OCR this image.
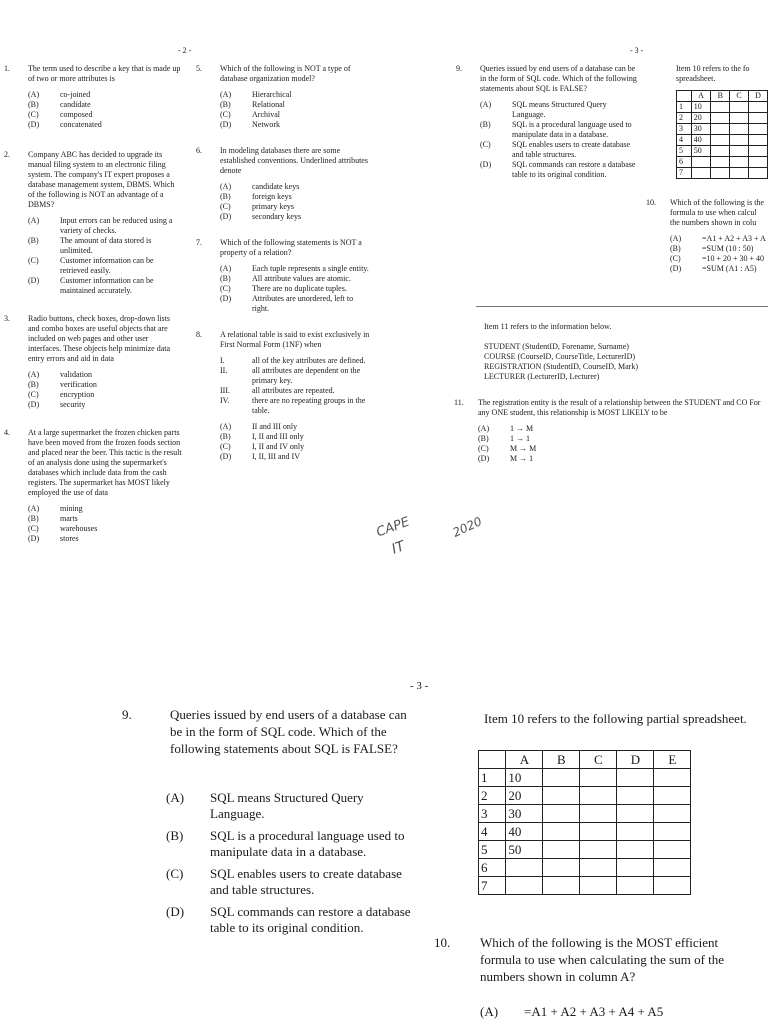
- 2 -
1. The term used to describe a key that is made up of two or more attributes is
(A)	co-joined
(B)	candidate
(C)	composed
(D)	concatenated
2. Company ABC has decided to upgrade its manual filing system to an electronic filing system. The company's IT expert proposes a database management system, DBMS. Which of the following is NOT an advantage of a DBMS?
(A)	Input errors can be reduced using a variety of checks.
(B)	The amount of data stored is unlimited.
(C)	Customer information can be retrieved easily.
(D)	Customer information can be maintained accurately.
3. Radio buttons, check boxes, drop-down lists and combo boxes are useful objects that are included on web pages and other user interfaces. These objects help minimize data entry errors and aid in data
(A)	validation
(B)	verification
(C)	encryption
(D)	security
4. At a large supermarket the frozen chicken parts have been moved from the frozen foods section and placed near the beer. This tactic is the result of an analysis done using the supermarket's databases which include data from the cash registers. The supermarket has MOST likely employed the use of data
(A)	mining
(B)	marts
(C)	warehouses
(D)	stores
5. Which of the following is NOT a type of database organization model?
(A)	Hierarchical
(B)	Relational
(C)	Archival
(D)	Network
6. In modeling databases there are some established conventions. Underlined attributes denote
(A)	candidate keys
(B)	foreign keys
(C)	primary keys
(D)	secondary keys
7. Which of the following statements is NOT a property of a relation?
(A)	Each tuple represents a single entity.
(B)	All attribute values are atomic.
(C)	There are no duplicate tuples.
(D)	Attributes are unordered, left to right.
8. A relational table is said to exist exclusively in First Normal Form (1NF) when
I.	all of the key attributes are defined.
II.	all attributes are dependent on the primary key.
III.	all attributes are repeated.
IV.	there are no repeating groups in the table.
(A)	II and III only
(B)	I, II and III only
(C)	I, II and IV only
(D)	I, II, III and IV
- 3 -
9. Queries issued by end users of a database can be in the form of SQL code. Which of the following statements about SQL is FALSE?
(A)	SQL means Structured Query Language.
(B)	SQL is a procedural language used to manipulate data in a database.
(C)	SQL enables users to create database and table structures.
(D)	SQL commands can restore a database table to its original condition.
Item 10 refers to the fo spreadsheet.
	A	B	C	D
1	10			
2	20			
3	30			
4	40			
5	50			
6				
7				
10. Which of the following is the formula to use when calcul the numbers shown in colu
(A)	=A1 + A2 + A3 + A
(B)	=SUM (10 : 50)
(C)	=10 + 20 + 30 + 40
(D)	=SUM (A1 : A5)
Item 11 refers to the information below.
STUDENT (StudentID, Forename, Surname)
COURSE (CourseID, CourseTitle, LecturerID)
REGISTRATION (StudentID, CourseID, Mark)
LECTURER (LecturerID, Lecturer)
11. The registration entity is the result of a relationship between the STUDENT and CO For any ONE student, this relationship is MOST LIKELY to be
(A)	1 → M
(B)	1 → 1
(C)	M → M
(D)	M → 1
CAPE
IT
2020
- 3 -
9.	Queries issued by end users of a database can be in the form of SQL code. Which of the following statements about SQL is FALSE?
(A)	SQL means Structured Query Language.
(B)	SQL is a procedural language used to manipulate data in a database.
(C)	SQL enables users to create database and table structures.
(D)	SQL commands can restore a database table to its original condition.
Item 10 refers to the following partial spreadsheet.
	A	B	C	D	E
1	10				
2	20				
3	30				
4	40				
5	50				
6					
7					
10. Which of the following is the MOST efficient formula to use when calculating the sum of the numbers shown in column A?
(A)	=A1 + A2 + A3 + A4 + A5
